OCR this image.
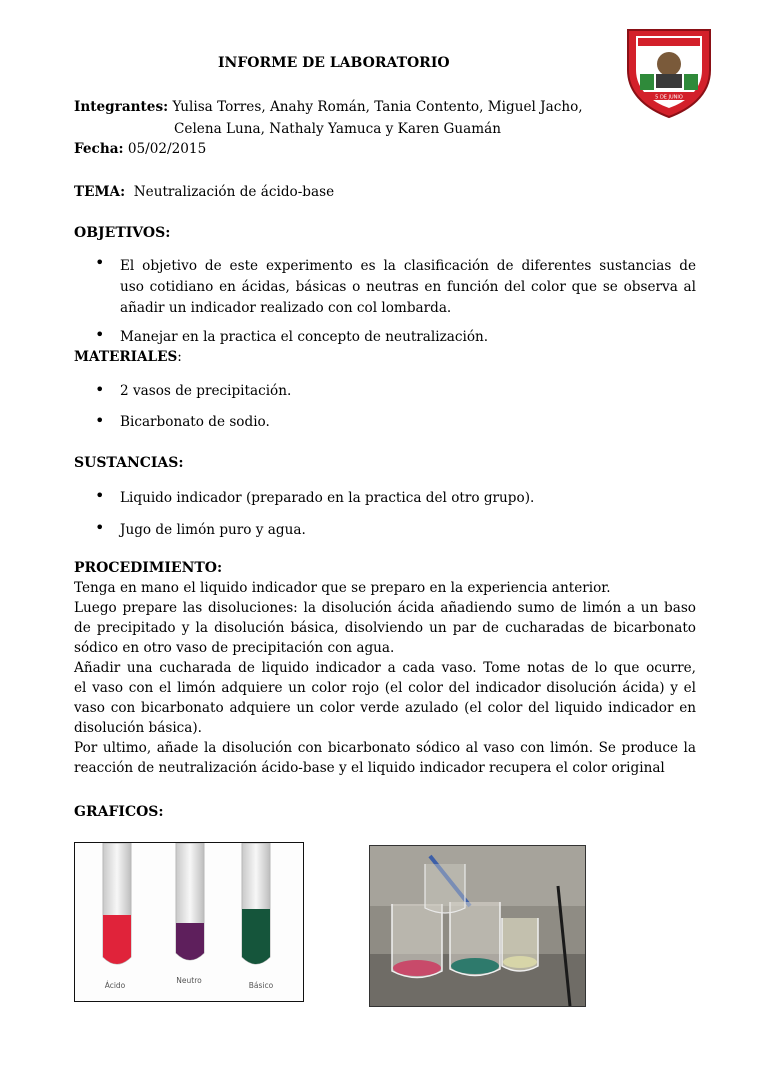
5 DE JUNIO
INFORME DE LABORATORIO
Integrantes: Yulisa Torres, Anahy Román, Tania Contento, Miguel Jacho,
Celena Luna, Nathaly Yamuca y Karen Guamán
Fecha: 05/02/2015
TEMA: Neutralización de ácido-base
OBJETIVOS:
• El objetivo de este experimento es la clasificación de diferentes sustancias de
uso cotidiano en ácidas, básicas o neutras en función del color que se observa al
añadir un indicador realizado con col lombarda.
• Manejar en la practica el concepto de neutralización.
MATERIALES:
• 2 vasos de precipitación.
• Bicarbonato de sodio.
SUSTANCIAS:
• Liquido indicador (preparado en la practica del otro grupo).
• Jugo de limón puro y agua.
PROCEDIMIENTO:
Tenga en mano el liquido indicador que se preparo en la experiencia anterior.
Luego prepare las disoluciones: la disolución ácida añadiendo sumo de limón a un baso
de precipitado y la disolución básica, disolviendo un par de cucharadas de bicarbonato
sódico en otro vaso de precipitación con agua.
Añadir una cucharada de liquido indicador a cada vaso. Tome notas de lo que ocurre,
el vaso con el limón adquiere un color rojo (el color del indicador disolución ácida) y el
vaso con bicarbonato adquiere un color verde azulado (el color del liquido indicador en
disolución básica).
Por ultimo, añade la disolución con bicarbonato sódico al vaso con limón. Se produce la
reacción de neutralización ácido-base y el liquido indicador recupera el color original
GRAFICOS:
Ácido
Neutro
Básico
